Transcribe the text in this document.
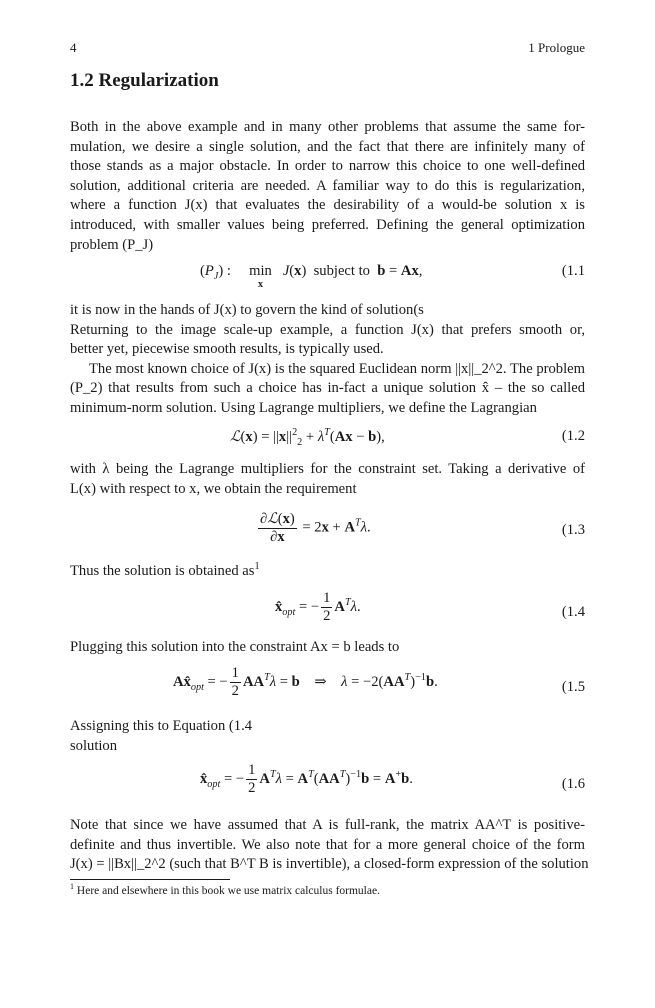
4	1 Prologue
1.2 Regularization
Both in the above example and in many other problems that assume the same for-
mulation, we desire a single solution, and the fact that there are infinitely many of
those stands as a major obstacle. In order to narrow this choice to one well-defined
solution, additional criteria are needed. A familiar way to do this is regularization,
where a function J(x) that evaluates the desirability of a would-be solution x is
introduced, with smaller values being preferred. Defining the general optimization
problem (P_J)
$(P_J)$ :     min
x
J(x)  subject to  b = Ax,	(1.1
it is now in the hands of J(x) to govern the kind of solution(s
Returning to the image scale-up example, a function J(x) that prefers smooth or,
better yet, piecewise smooth results, is typically used.
The most known choice of J(x) is the squared Euclidean norm ||x||_2^2. The problem
(P_2) that results from such a choice has in-fact a unique solution x̂ – the so called
minimum-norm solution. Using Lagrange multipliers, we define the Lagrangian
ℒ(x) = $||x||^2_2 + \lambda^T(Ax - b)$,	(1.2
with λ being the Lagrange multipliers for the constraint set. Taking a derivative of
L(x) with respect to x, we obtain the requirement
$\frac{\text{∂ℒ(x)}}{\partial x} = 2x + A^T\lambda$.	(1.3
Thus the solution is obtained $as^1$
$x̂_{opt}$ = − $\frac{1}{2} A^T\lambda$.	(1.4
Plugging this solution into the constraint Ax = b leads to
$Ax̂_{opt}$ = − $\frac{1}{2} AA^T\lambda = b$    ⇒    $\lambda = -2(AA^T)^{-1}b$.	(1.5
Assigning this to Equation (1.4
solution
$x̂_{opt}$ = − $\frac{1}{2} A^T\lambda = A^T(AA^T)^{-1}b = A^+b$.	(1.6
Note that since we have assumed that A is full-rank, the matrix AA^T is positive-
definite and thus invertible. We also note that for a more general choice of the form
J(x) = ||Bx||_2^2 (such that B^T B is invertible), a closed-form expression of the solution
$^1$ Here and elsewhere in this book we use matrix calculus formulae.
